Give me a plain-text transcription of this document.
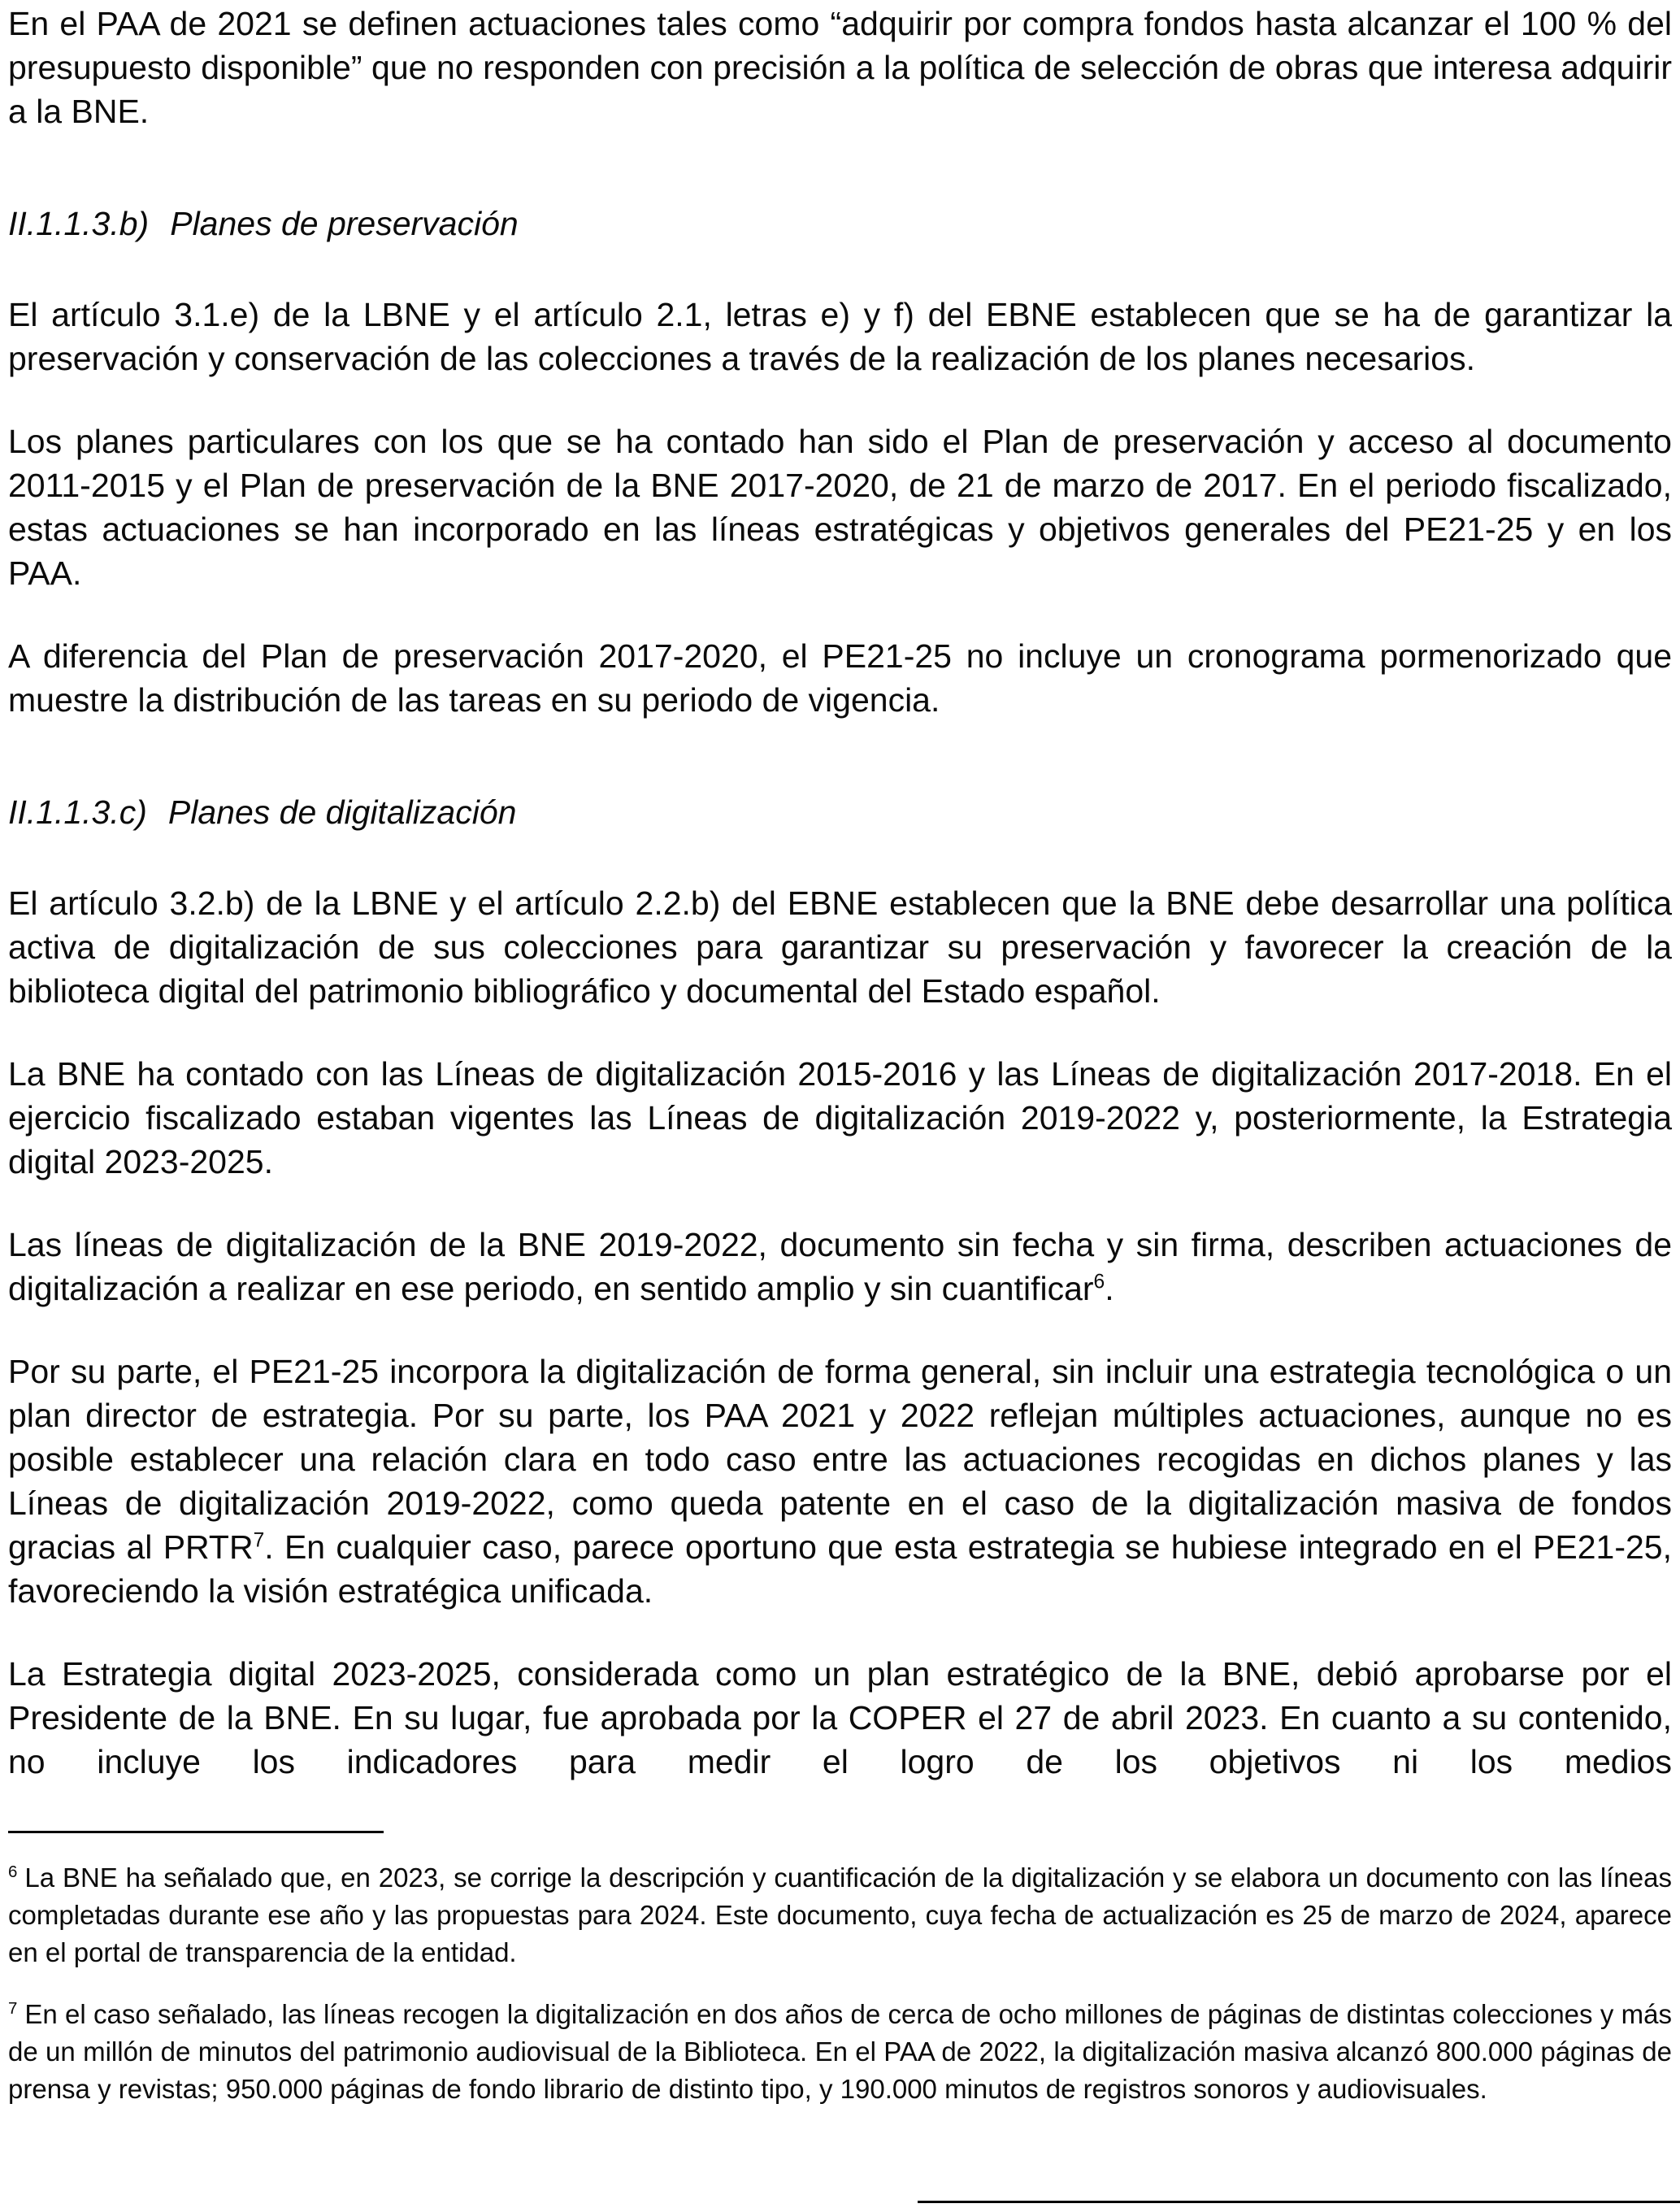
En el PAA de 2021 se definen actuaciones tales como “adquirir por compra fondos hasta alcanzar el 100 % del presupuesto disponible” que no responden con precisión a la política de selección de obras que interesa adquirir a la BNE.

II.1.1.3.b) Planes de preservación

El artículo 3.1.e) de la LBNE y el artículo 2.1, letras e) y f) del EBNE establecen que se ha de garantizar la preservación y conservación de las colecciones a través de la realización de los planes necesarios.

Los planes particulares con los que se ha contado han sido el Plan de preservación y acceso al documento 2011-2015 y el Plan de preservación de la BNE 2017-2020, de 21 de marzo de 2017. En el periodo fiscalizado, estas actuaciones se han incorporado en las líneas estratégicas y objetivos generales del PE21-25 y en los PAA.

A diferencia del Plan de preservación 2017-2020, el PE21-25 no incluye un cronograma pormenorizado que muestre la distribución de las tareas en su periodo de vigencia.

II.1.1.3.c) Planes de digitalización

El artículo 3.2.b) de la LBNE y el artículo 2.2.b) del EBNE establecen que la BNE debe desarrollar una política activa de digitalización de sus colecciones para garantizar su preservación y favorecer la creación de la biblioteca digital del patrimonio bibliográfico y documental del Estado español.

La BNE ha contado con las Líneas de digitalización 2015-2016 y las Líneas de digitalización 2017-2018. En el ejercicio fiscalizado estaban vigentes las Líneas de digitalización 2019-2022 y, posteriormente, la Estrategia digital 2023-2025.

Las líneas de digitalización de la BNE 2019-2022, documento sin fecha y sin firma, describen actuaciones de digitalización a realizar en ese periodo, en sentido amplio y sin cuantificar$^6$.

Por su parte, el PE21-25 incorpora la digitalización de forma general, sin incluir una estrategia tecnológica o un plan director de estrategia. Por su parte, los PAA 2021 y 2022 reflejan múltiples actuaciones, aunque no es posible establecer una relación clara en todo caso entre las actuaciones recogidas en dichos planes y las Líneas de digitalización 2019-2022, como queda patente en el caso de la digitalización masiva de fondos gracias al PRTR$^7$. En cualquier caso, parece oportuno que esta estrategia se hubiese integrado en el PE21-25, favoreciendo la visión estratégica unificada.

La Estrategia digital 2023-2025, considerada como un plan estratégico de la BNE, debió aprobarse por el Presidente de la BNE. En su lugar, fue aprobada por la COPER el 27 de abril 2023. En cuanto a su contenido, no incluye los indicadores para medir el logro de los objetivos ni los medios

$^6$ La BNE ha señalado que, en 2023, se corrige la descripción y cuantificación de la digitalización y se elabora un documento con las líneas completadas durante ese año y las propuestas para 2024. Este documento, cuya fecha de actualización es 25 de marzo de 2024, aparece en el portal de transparencia de la entidad.

$^7$ En el caso señalado, las líneas recogen la digitalización en dos años de cerca de ocho millones de páginas de distintas colecciones y más de un millón de minutos del patrimonio audiovisual de la Biblioteca. En el PAA de 2022, la digitalización masiva alcanzó 800.000 páginas de prensa y revistas; 950.000 páginas de fondo librario de distinto tipo, y 190.000 minutos de registros sonoros y audiovisuales.
